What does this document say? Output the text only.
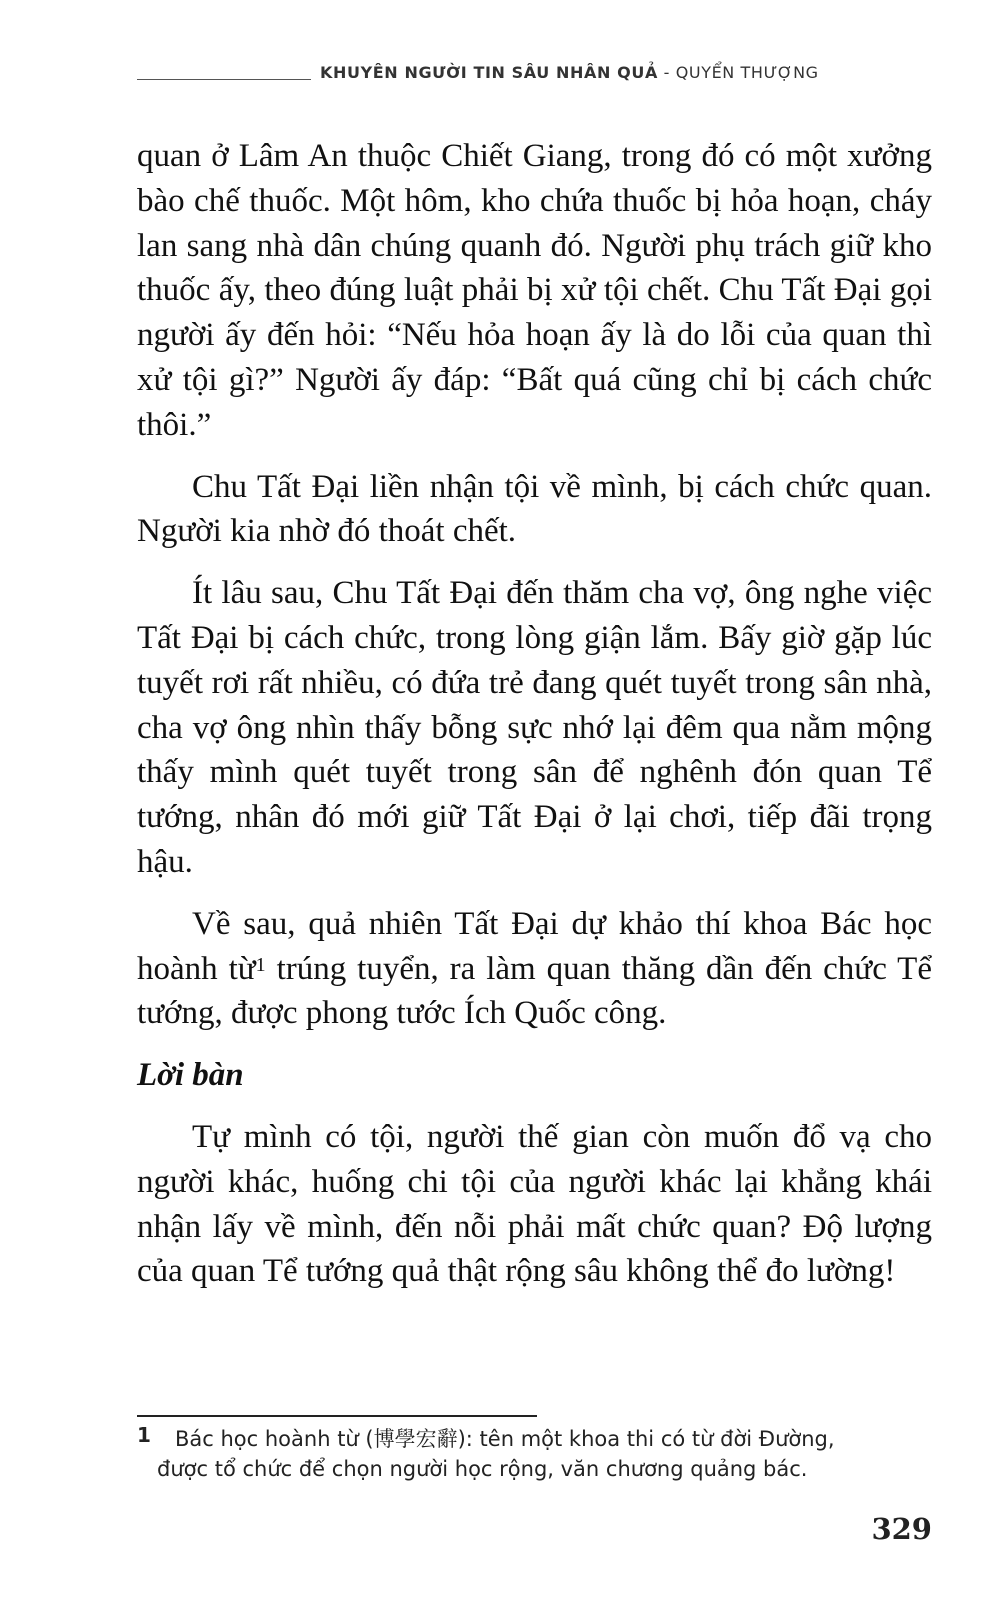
KHUYÊN NGƯỜI TIN SÂU NHÂN QUẢ - QUYỂN THƯỢNG

quan ở Lâm An thuộc Chiết Giang, trong đó có một xưởng bào chế thuốc. Một hôm, kho chứa thuốc bị hỏa hoạn, cháy lan sang nhà dân chúng quanh đó. Người phụ trách giữ kho thuốc ấy, theo đúng luật phải bị xử tội chết. Chu Tất Đại gọi người ấy đến hỏi: “Nếu hỏa hoạn ấy là do lỗi của quan thì xử tội gì?” Người ấy đáp: “Bất quá cũng chỉ bị cách chức thôi.”

Chu Tất Đại liền nhận tội về mình, bị cách chức quan. Người kia nhờ đó thoát chết.

Ít lâu sau, Chu Tất Đại đến thăm cha vợ, ông nghe việc Tất Đại bị cách chức, trong lòng giận lắm. Bấy giờ gặp lúc tuyết rơi rất nhiều, có đứa trẻ đang quét tuyết trong sân nhà, cha vợ ông nhìn thấy bỗng sực nhớ lại đêm qua nằm mộng thấy mình quét tuyết trong sân để nghênh đón quan Tể tướng, nhân đó mới giữ Tất Đại ở lại chơi, tiếp đãi trọng hậu.

Về sau, quả nhiên Tất Đại dự khảo thí khoa Bác học hoành từ$^1$ trúng tuyển, ra làm quan thăng dần đến chức Tể tướng, được phong tước Ích Quốc công.

Lời bàn

Tự mình có tội, người thế gian còn muốn đổ vạ cho người khác, huống chi tội của người khác lại khẳng khái nhận lấy về mình, đến nỗi phải mất chức quan? Độ lượng của quan Tể tướng quả thật rộng sâu không thể đo lường!

1	Bác học hoành từ (博學宏辭): tên một khoa thi có từ đời Đường,
được tổ chức để chọn người học rộng, văn chương quảng bác.
329
